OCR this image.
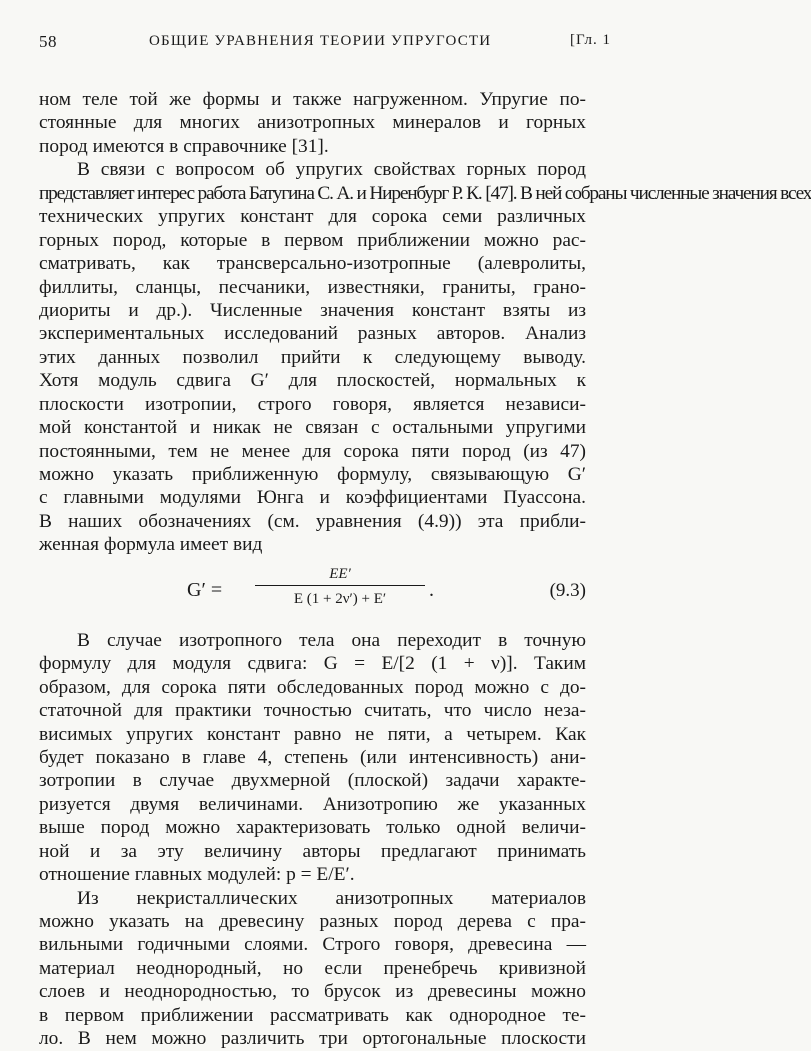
58	ОБЩИЕ УРАВНЕНИЯ ТЕОРИИ УПРУГОСТИ	[Гл. 1
ном теле той же формы и также нагруженном. Упругие по-
стоянные для многих анизотропных минералов и горных
пород имеются в справочнике [31].
В связи с вопросом об упругих свойствах горных пород
представляет интерес работа Батугина С. А. и Ниренбург Р. К. [47]. В ней собраны численные значения всех
технических упругих констант для сорока семи различных
горных пород, которые в первом приближении можно рас-
сматривать, как трансверсально-изотропные (алевролиты,
филлиты, сланцы, песчаники, известняки, граниты, грано-
диориты и др.). Численные значения констант взяты из
экспериментальных исследований разных авторов. Анализ
этих данных позволил прийти к следующему выводу.
Хотя модуль сдвига G′ для плоскостей, нормальных к
плоскости изотропии, строго говоря, является независи-
мой константой и никак не связан с остальными упругими
постоянными, тем не менее для сорока пяти пород (из 47)
можно указать приближенную формулу, связывающую G′
с главными модулями Юнга и коэффициентами Пуассона.
В наших обозначениях (см. уравнения (4.9)) эта прибли-
женная формула имеет вид
G′ =
EE′
E (1 + 2ν′) + E′	.	(9.3)
В случае изотропного тела она переходит в точную
формулу для модуля сдвига: G = E/[2 (1 + ν)]. Таким
образом, для сорока пяти обследованных пород можно с до-
статочной для практики точностью считать, что число неза-
висимых упругих констант равно не пяти, а четырем. Как
будет показано в главе 4, степень (или интенсивность) ани-
зотропии в случае двухмерной (плоской) задачи характе-
ризуется двумя величинами. Анизотропию же указанных
выше пород можно характеризовать только одной величи-
ной и за эту величину авторы предлагают принимать
отношение главных модулей: p = E/E′.
Из некристаллических анизотропных материалов
можно указать на древесину разных пород дерева с пра-
вильными годичными слоями. Строго говоря, древесина —
материал неоднородный, но если пренебречь кривизной
слоев и неоднородностью, то брусок из древесины можно
в первом приближении рассматривать как однородное те-
ло. В нем можно различить три ортогональные плоскости
